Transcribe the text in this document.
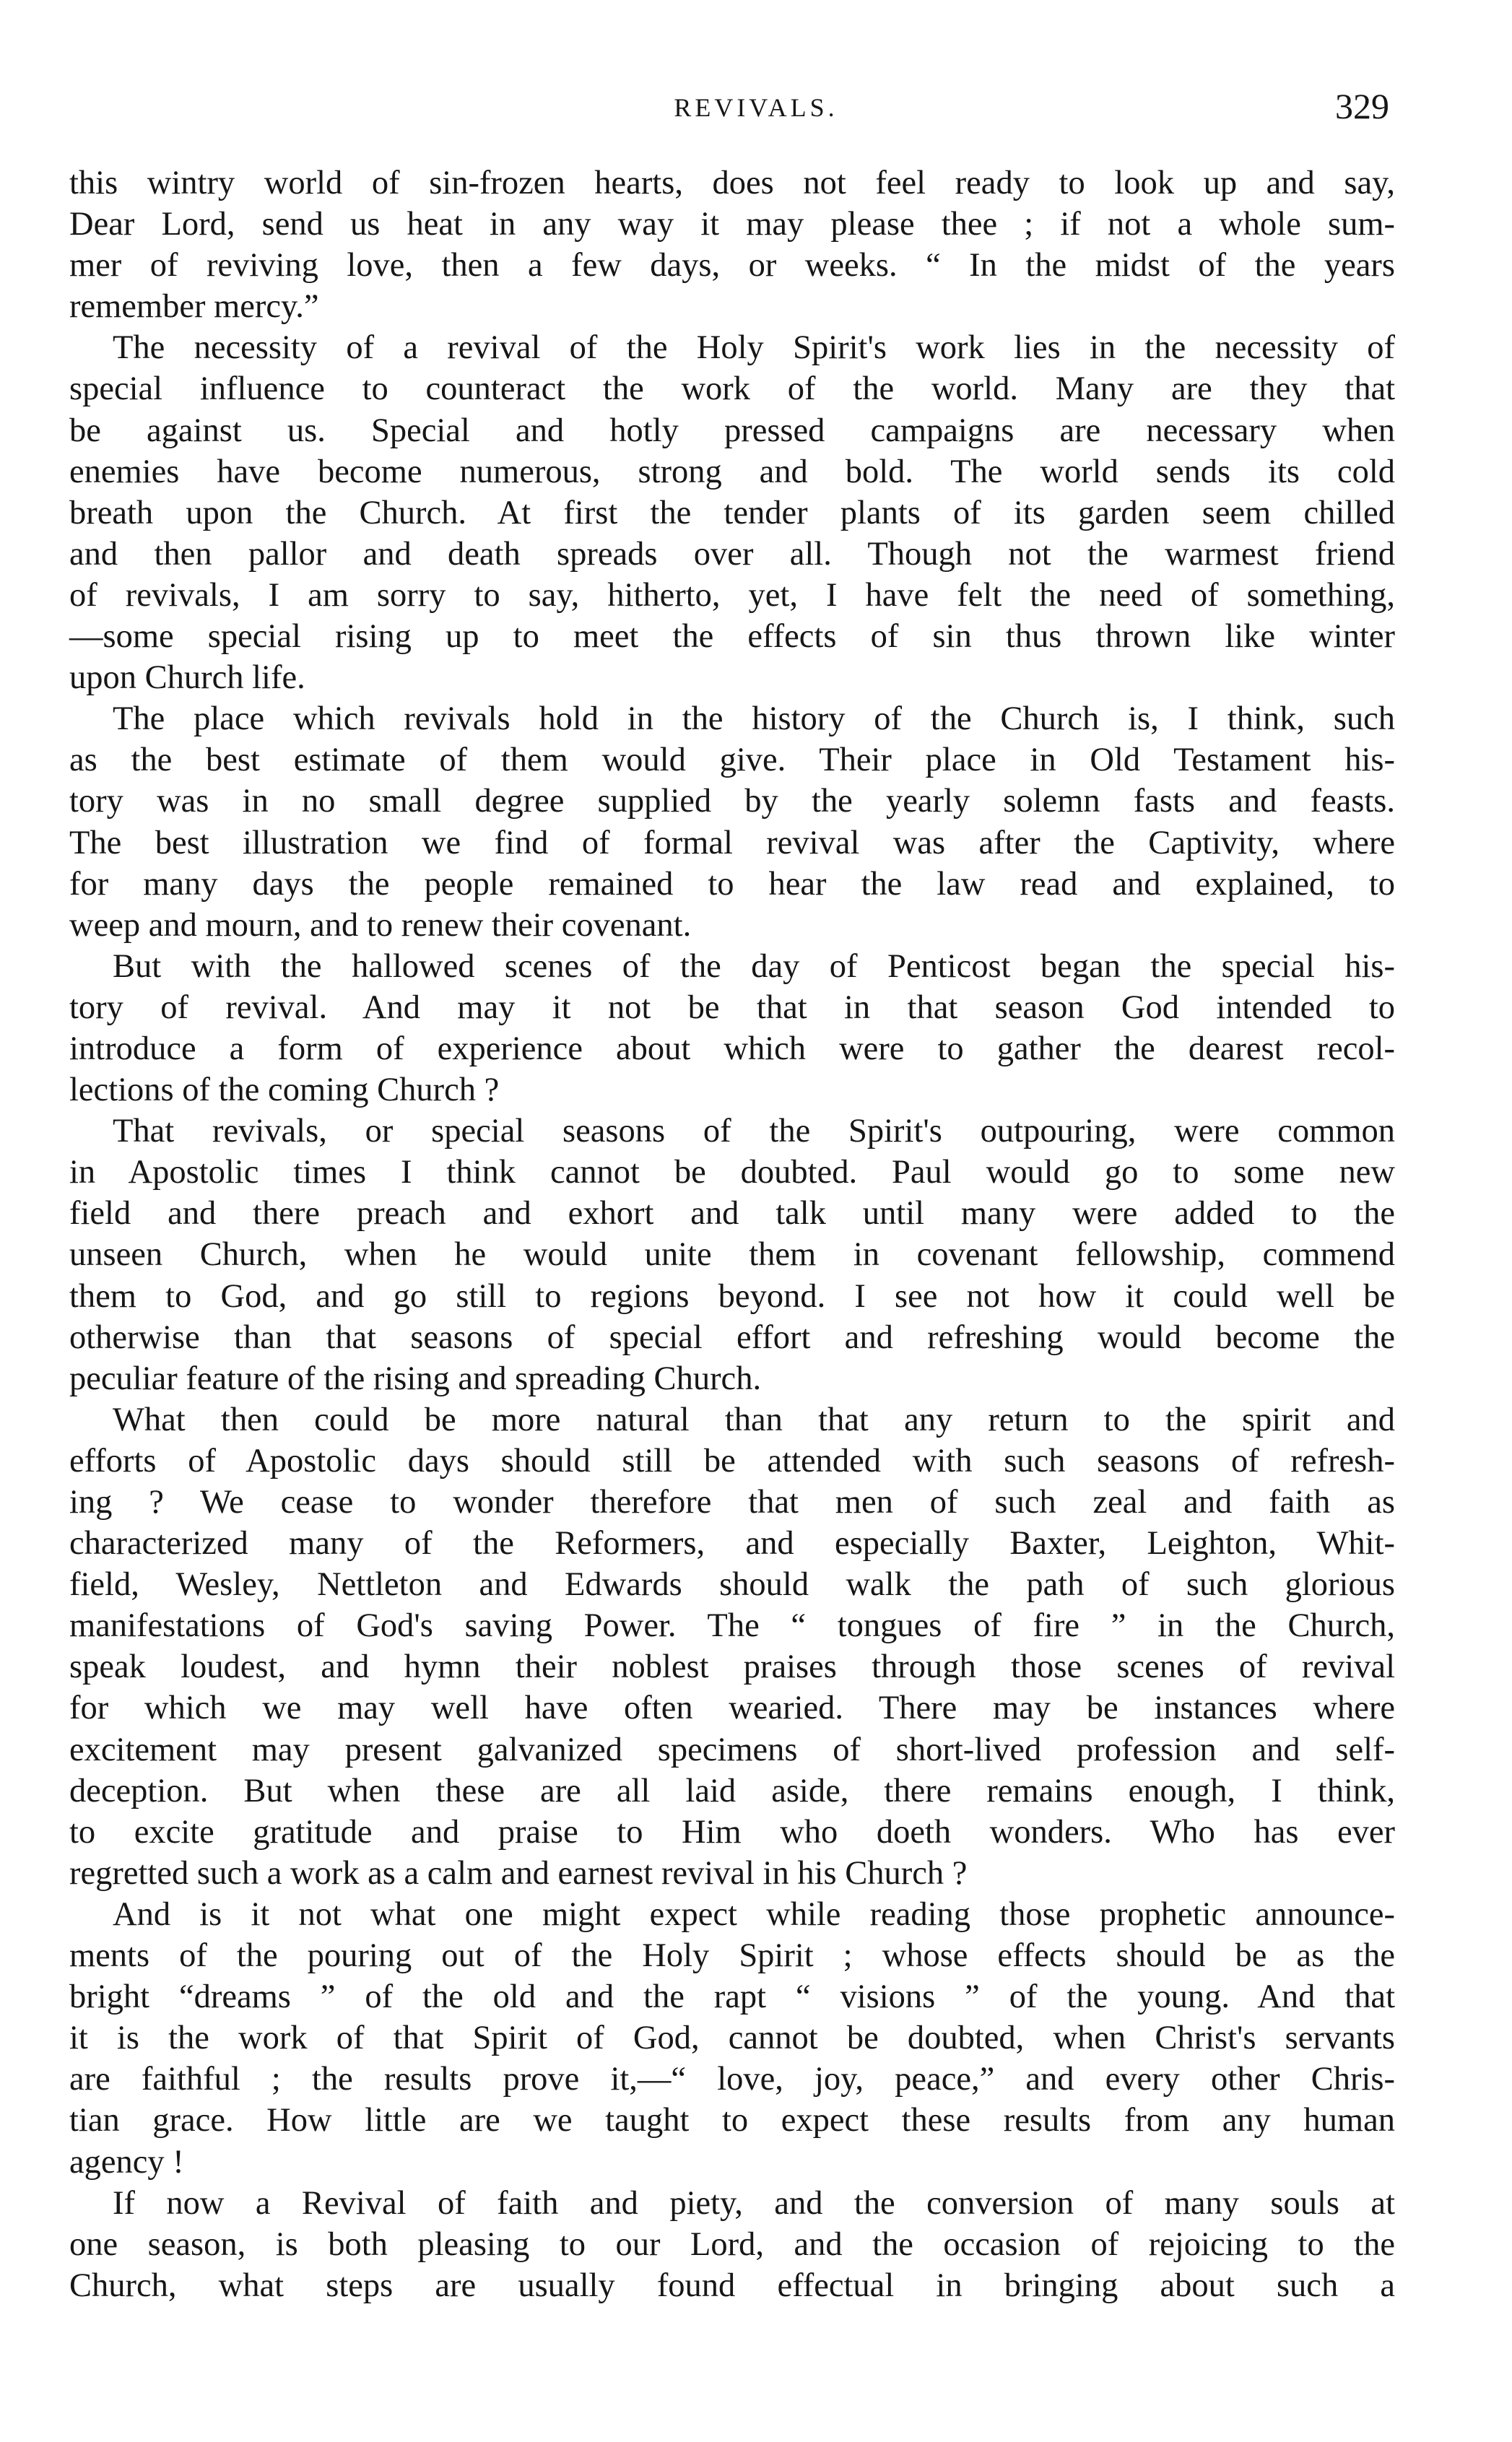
REVIVALS.	329
this wintry world of sin-frozen hearts, does not feel ready to look up and say,
Dear Lord, send us heat in any way it may please thee ; if not a whole sum-
mer of reviving love, then a few days, or weeks. “ In the midst of the years
remember mercy.”
The necessity of a revival of the Holy Spirit's work lies in the necessity of
special influence to counteract the work of the world. Many are they that
be against us. Special and hotly pressed campaigns are necessary when
enemies have become numerous, strong and bold. The world sends its cold
breath upon the Church. At first the tender plants of its garden seem chilled
and then pallor and death spreads over all. Though not the warmest friend
of revivals, I am sorry to say, hitherto, yet, I have felt the need of something,
—some special rising up to meet the effects of sin thus thrown like winter
upon Church life.
The place which revivals hold in the history of the Church is, I think, such
as the best estimate of them would give. Their place in Old Testament his-
tory was in no small degree supplied by the yearly solemn fasts and feasts.
The best illustration we find of formal revival was after the Captivity, where
for many days the people remained to hear the law read and explained, to
weep and mourn, and to renew their covenant.
But with the hallowed scenes of the day of Penticost began the special his-
tory of revival. And may it not be that in that season God intended to
introduce a form of experience about which were to gather the dearest recol-
lections of the coming Church ?
That revivals, or special seasons of the Spirit's outpouring, were common
in Apostolic times I think cannot be doubted. Paul would go to some new
field and there preach and exhort and talk until many were added to the
unseen Church, when he would unite them in covenant fellowship, commend
them to God, and go still to regions beyond. I see not how it could well be
otherwise than that seasons of special effort and refreshing would become the
peculiar feature of the rising and spreading Church.
What then could be more natural than that any return to the spirit and
efforts of Apostolic days should still be attended with such seasons of refresh-
ing ? We cease to wonder therefore that men of such zeal and faith as
characterized many of the Reformers, and especially Baxter, Leighton, Whit-
field, Wesley, Nettleton and Edwards should walk the path of such glorious
manifestations of God's saving Power. The “ tongues of fire ” in the Church,
speak loudest, and hymn their noblest praises through those scenes of revival
for which we may well have often wearied. There may be instances where
excitement may present galvanized specimens of short-lived profession and self-
deception. But when these are all laid aside, there remains enough, I think,
to excite gratitude and praise to Him who doeth wonders. Who has ever
regretted such a work as a calm and earnest revival in his Church ?
And is it not what one might expect while reading those prophetic announce-
ments of the pouring out of the Holy Spirit ; whose effects should be as the
bright “dreams ” of the old and the rapt “ visions ” of the young. And that
it is the work of that Spirit of God, cannot be doubted, when Christ's servants
are faithful ; the results prove it,—“ love, joy, peace,” and every other Chris-
tian grace. How little are we taught to expect these results from any human
agency !
If now a Revival of faith and piety, and the conversion of many souls at
one season, is both pleasing to our Lord, and the occasion of rejoicing to the
Church, what steps are usually found effectual in bringing about such a
